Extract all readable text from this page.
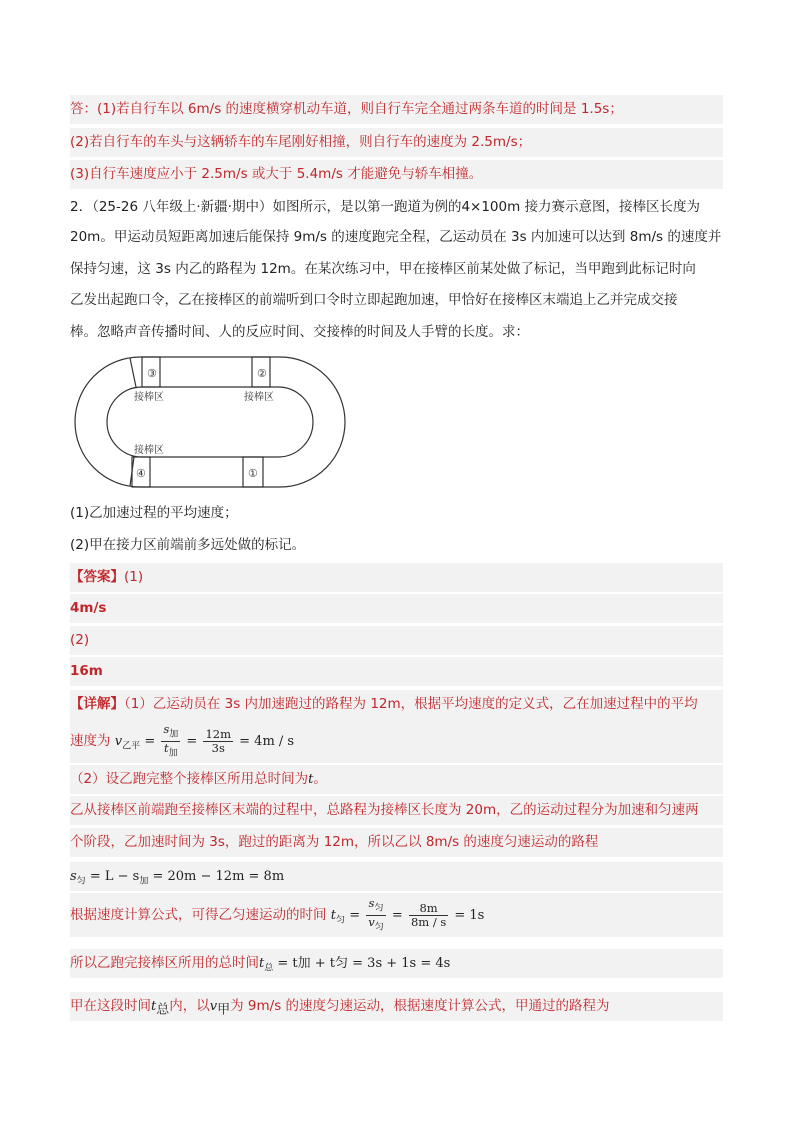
答：(1)若自行车以 6m/s 的速度横穿机动车道，则自行车完全通过两条车道的时间是 1.5s；
(2)若自行车的车头与这辆轿车的车尾刚好相撞，则自行车的速度为 2.5m/s；
(3)自行车速度应小于 2.5m/s 或大于 5.4m/s 才能避免与轿车相撞。
2．（25-26 八年级上·新疆·期中）如图所示，是以第一跑道为例的4×100m 接力赛示意图，接棒区长度为
20m。甲运动员短距离加速后能保持 9m/s 的速度跑完全程，乙运动员在 3s 内加速可以达到 8m/s 的速度并
保持匀速，这 3s 内乙的路程为 12m。在某次练习中，甲在接棒区前某处做了标记，当甲跑到此标记时向
乙发出起跑口令，乙在接棒区的前端听到口令时立即起跑加速，甲恰好在接棒区末端追上乙并完成交接
棒。忽略声音传播时间、人的反应时间、交接棒的时间及人手臂的长度。求：
③	②
④	①
接棒区	接棒区
接棒区
(1)乙加速过程的平均速度；
(2)甲在接力区前端前多远处做的标记。
【答案】(1)
4m/s
(2)
16m
【详解】（1）乙运动员在 3s 内加速跑过的路程为 12m，根据平均速度的定义式，乙在加速过程中的平均
速度为 $v_{乙平} = \frac{s_加}{t_加} = \frac{12m}{3s} = 4m / s$
（2）设乙跑完整个接棒区所用总时间为t。
乙从接棒区前端跑至接棒区末端的过程中，总路程为接棒区长度为 20m，乙的运动过程分为加速和匀速两
个阶段，乙加速时间为 3s，跑过的距离为 12m，所以乙以 8m/s 的速度匀速运动的路程
$s_匀 = L - s_加 = 20m - 12m = 8m$
根据速度计算公式，可得乙匀速运动的时间 $t_匀 = \frac{s_匀}{v_匀} = \frac{8m}{8m / s} = 1s$
所以乙跑完接棒区所用的总时间$t_总 = t$加 + t匀 = 3s + 1s = 4s
甲在这段时间$t_总$内，以$v_甲$为 9m/s 的速度匀速运动，根据速度计算公式，甲通过的路程为
